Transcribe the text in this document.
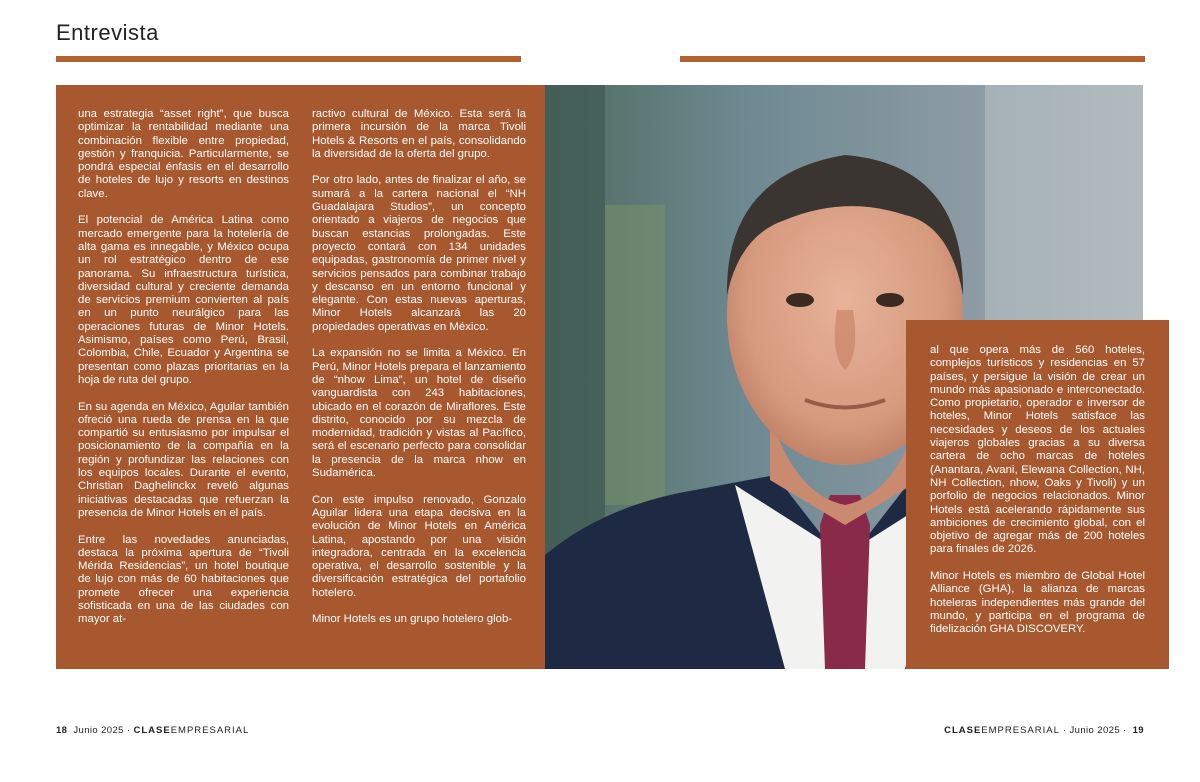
Entrevista

una estrategia “asset right”, que busca optimizar la rentabilidad mediante una combinación flexible entre propiedad, gestión y franquicia. Particularmente, se pondrá especial énfasis en el desarrollo de hoteles de lujo y resorts en destinos clave.

El potencial de América Latina como mercado emergente para la hotelería de alta gama es innegable, y México ocupa un rol estratégico dentro de ese panorama. Su infraestructura turística, diversidad cultural y creciente demanda de servicios premium convierten al país en un punto neurálgico para las operaciones futuras de Minor Hotels. Asimismo, países como Perú, Brasil, Colombia, Chile, Ecuador y Argentina se presentan como plazas prioritarias en la hoja de ruta del grupo.

En su agenda en México, Aguilar también ofreció una rueda de prensa en la que compartió su entusiasmo por impulsar el posicionamiento de la compañía en la región y profundizar las relaciones con los equipos locales. Durante el evento, Christian Daghelinckx reveló algunas iniciativas destacadas que refuerzan la presencia de Minor Hotels en el país.

Entre las novedades anunciadas, destaca la próxima apertura de “Tivoli Mérida Residencias”, un hotel boutique de lujo con más de 60 habitaciones que promete ofrecer una experiencia sofisticada en una de las ciudades con mayor at-

ractivo cultural de México. Esta será la primera incursión de la marca Tivoli Hotels & Resorts en el país, consolidando la diversidad de la oferta del grupo.

Por otro lado, antes de finalizar el año, se sumará a la cartera nacional el “NH Guadalajara Studios”, un concepto orientado a viajeros de negocios que buscan estancias prolongadas. Este proyecto contará con 134 unidades equipadas, gastronomía de primer nivel y servicios pensados para combinar trabajo y descanso en un entorno funcional y elegante. Con estas nuevas aperturas, Minor Hotels alcanzará las 20 propiedades operativas en México.

La expansión no se limita a México. En Perú, Minor Hotels prepara el lanzamiento de “nhow Lima”, un hotel de diseño vanguardista con 243 habitaciones, ubicado en el corazón de Miraflores. Este distrito, conocido por su mezcla de modernidad, tradición y vistas al Pacífico, será el escenario perfecto para consolidar la presencia de la marca nhow en Sudamérica.

Con este impulso renovado, Gonzalo Aguilar lidera una etapa decisiva en la evolución de Minor Hotels en América Latina, apostando por una visión integradora, centrada en la excelencia operativa, el desarrollo sostenible y la diversificación estratégica del portafolio hotelero.

Minor Hotels es un grupo hotelero glob-

al que opera más de 560 hoteles, complejos turísticos y residencias en 57 países, y persigue la visión de crear un mundo más apasionado e interconectado. Como propietario, operador e inversor de hoteles, Minor Hotels satisface las necesidades y deseos de los actuales viajeros globales gracias a su diversa cartera de ocho marcas de hoteles (Anantara, Avani, Elewana Collection, NH, NH Collection, nhow, Oaks y Tivoli) y un porfolio de negocios relacionados. Minor Hotels está acelerando rápidamente sus ambiciones de crecimiento global, con el objetivo de agregar más de 200 hoteles para finales de 2026.

Minor Hotels es miembro de Global Hotel Alliance (GHA), la alianza de marcas hoteleras independientes más grande del mundo, y participa en el programa de fidelización GHA DISCOVERY.

18 Junio 2025 · CLASEEMPRESARIAL	CLASEEMPRESARIAL · Junio 2025 · 19
